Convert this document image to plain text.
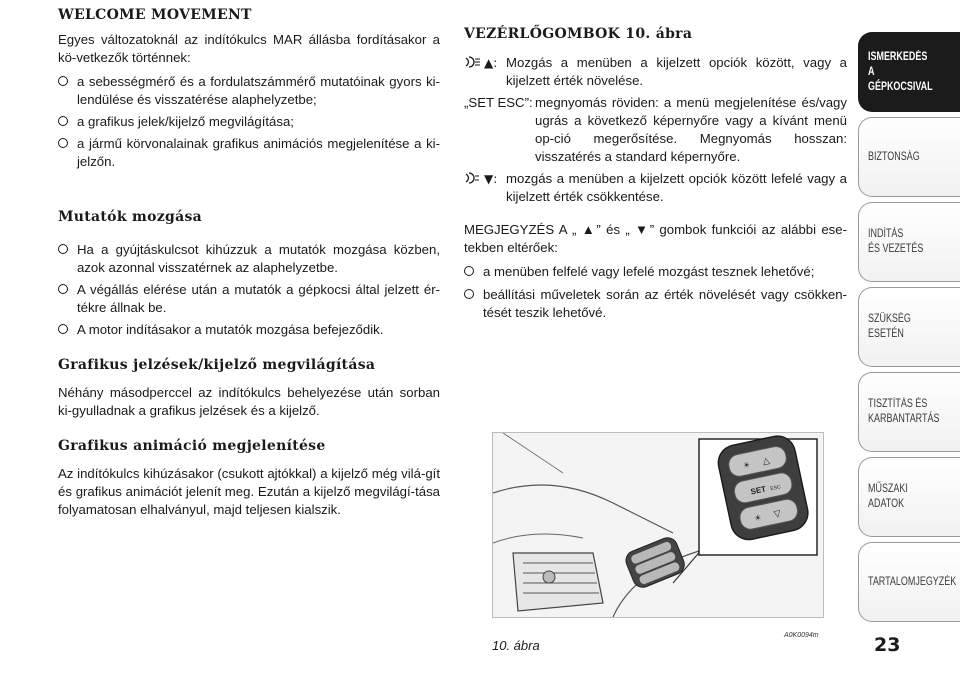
WELCOME MOVEMENT

Egyes változatoknál az indítókulcs MAR állásba fordításakor a kö-vetkezők történnek:

a sebességmérő és a fordulatszámmérő mutatóinak gyors ki-lendülése és visszatérése alaphelyzetbe;
a grafikus jelek/kijelző megvilágítása;
a jármű körvonalainak grafikus animációs megjelenítése a ki-jelzőn.
Mutatók mozgása
Ha a gyújtáskulcsot kihúzzuk a mutatók mozgása közben, azok azonnal visszatérnek az alaphelyzetbe.
A végállás elérése után a mutatók a gépkocsi által jelzett ér-tékre állnak be.
A motor indításakor a mutatók mozgása befejeződik.
Grafikus jelzések/kijelző megvilágítása

Néhány másodperccel az indítókulcs behelyezése után sorban ki-gyulladnak a grafikus jelzések és a kijelző.

Grafikus animáció megjelenítése

Az indítókulcs kihúzásakor (csukott ajtókkal) a kijelző még vilá-gít és grafikus animációt jelenít meg. Ezután a kijelző megvilágí-tása folyamatosan elhalványul, majd teljesen kialszik.

VEZÉRLŐGOMBOK 10. ábra
▲: Mozgás a menüben a kijelzett opciók között, vagy a kijelzett érték növelése.
„SET ESC”: megnyomás röviden: a menü megjelenítése és/vagy ugrás a következő képernyőre vagy a kívánt menü op-ció megerősítése. Megnyomás hosszan: visszatérés a standard képernyőre.
▼: mozgás a menüben a kijelzett opciók között lefelé vagy a kijelzett érték csökkentése.

MEGJEGYZÉS A „ ▲” és „ ▼” gombok funkciói az alábbi ese-tekben eltérőek:

a menüben felfelé vagy lefelé mozgást tesznek lehetővé;
beállítási műveletek során az érték növelését vagy csökken-tését teszik lehetővé.
☀ △
SET ESC
☀ ▽
10. ábra
A0K0094m
ISMERKEDÉS
A GÉPKOCSIVAL
BIZTONSÁG
INDÍTÁS
ÉS VEZETÉS
SZÜKSÉG
ESETÉN
TISZTÍTÁS ÉS
KARBANTARTÁS
MŰSZAKI
ADATOK
TARTALOMJEGYZÉK
23
carmanualsonline.info
